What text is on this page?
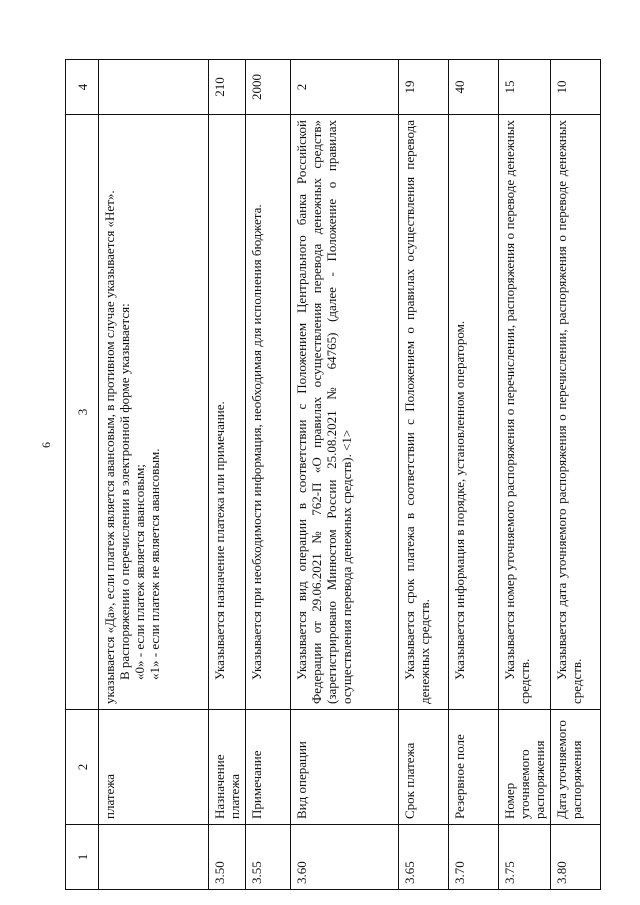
6
1	2	3	4
	платежа	указывается «Да», если платеж является авансовым, в противном случае указывается «Нет». В распоряжении о перечислении в электронной форме указывается: «0» - если платеж является авансовым; «1» - если платеж не является авансовым.	

3.50	Назначение платежа	Указывается назначение платежа или примечание.	210
3.55	Примечание	Указывается при необходимости информация, необходимая для исполнения бюджета.	2000
3.60	Вид операции	Указывается вид операции в соответствии с Положением Центрального банка Российской Федерации от 29.06.2021 № 762-П «О правилах осуществления перевода денежных средств» (зарегистрировано Минюстом России 25.08.2021 № 64765) (далее - Положение о правилах осуществления перевода денежных средств). <1>	2
3.65	Срок платежа	Указывается срок платежа в соответствии с Положением о правилах осуществления перевода денежных средств.	19
3.70	Резервное поле	Указывается информация в порядке, установленном оператором.	40
3.75	Номер уточняемого распоряжения	Указывается номер уточняемого распоряжения о перечислении, распоряжения о переводе денежных средств.	15
3.80	Дата уточняемого распоряжения	Указывается дата уточняемого распоряжения о перечислении, распоряжения о переводе денежных средств.	10
